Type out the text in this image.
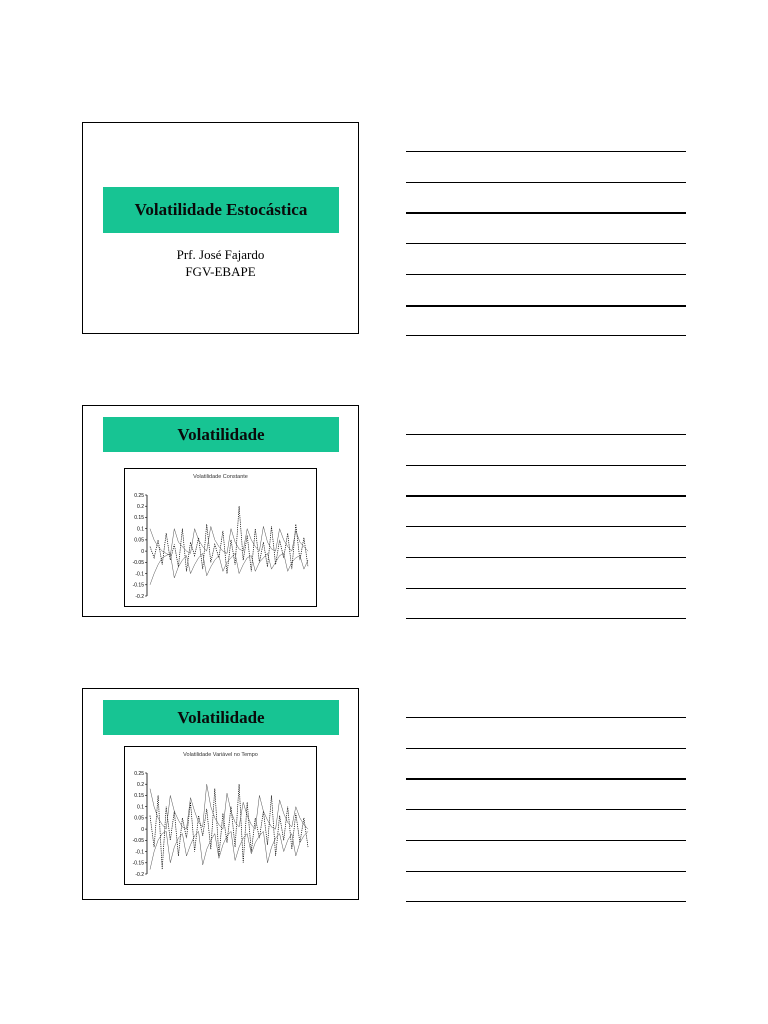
Volatilidade Estocástica
Prf. José Fajardo
FGV-EBAPE
Volatilidade
Volatilidade Constante
0.25
0.2
0.15
0.1
0.05
0
-0.05
-0.1
-0.15
-0.2
Volatilidade
Volatilidade Variável no Tempo
0.25
0.2
0.15
0.1
0.05
0
-0.05
-0.1
-0.15
-0.2
